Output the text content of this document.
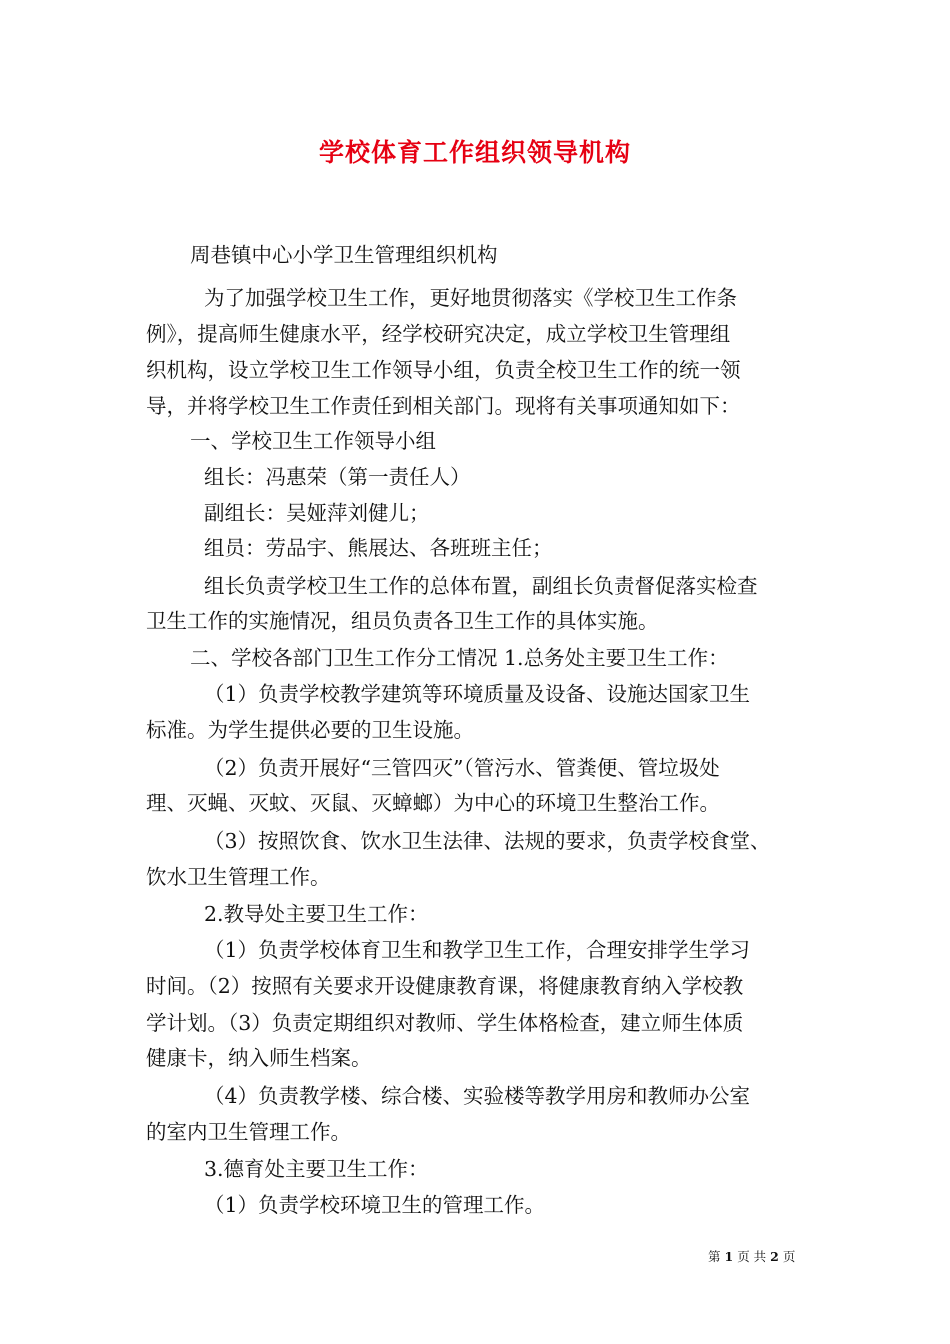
学校体育工作组织领导机构
周巷镇中心小学卫生管理组织机构
为了加强学校卫生工作，更好地贯彻落实《学校卫生工作条
例》，提高师生健康水平，经学校研究决定，成立学校卫生管理组
织机构，设立学校卫生工作领导小组，负责全校卫生工作的统一领
导，并将学校卫生工作责任到相关部门。现将有关事项通知如下：
一、学校卫生工作领导小组
组长：冯惠荣（第一责任人）
副组长：吴娅萍刘健儿；
组员：劳品宇、熊展达、各班班主任；
组长负责学校卫生工作的总体布置，副组长负责督促落实检查
卫生工作的实施情况，组员负责各卫生工作的具体实施。
二、学校各部门卫生工作分工情况 1.总务处主要卫生工作：
（1）负责学校教学建筑等环境质量及设备、设施达国家卫生
标准。为学生提供必要的卫生设施。
（2）负责开展好“三管四灭”（管污水、管粪便、管垃圾处
理、灭蝇、灭蚊、灭鼠、灭蟑螂）为中心的环境卫生整治工作。
（3）按照饮食、饮水卫生法律、法规的要求，负责学校食堂、
饮水卫生管理工作。
2.教导处主要卫生工作：
（1）负责学校体育卫生和教学卫生工作，合理安排学生学习
时间。（2）按照有关要求开设健康教育课，将健康教育纳入学校教
学计划。（3）负责定期组织对教师、学生体格检查，建立师生体质
健康卡，纳入师生档案。
（4）负责教学楼、综合楼、实验楼等教学用房和教师办公室
的室内卫生管理工作。
3.德育处主要卫生工作：
（1）负责学校环境卫生的管理工作。
第 1 页 共 2 页
